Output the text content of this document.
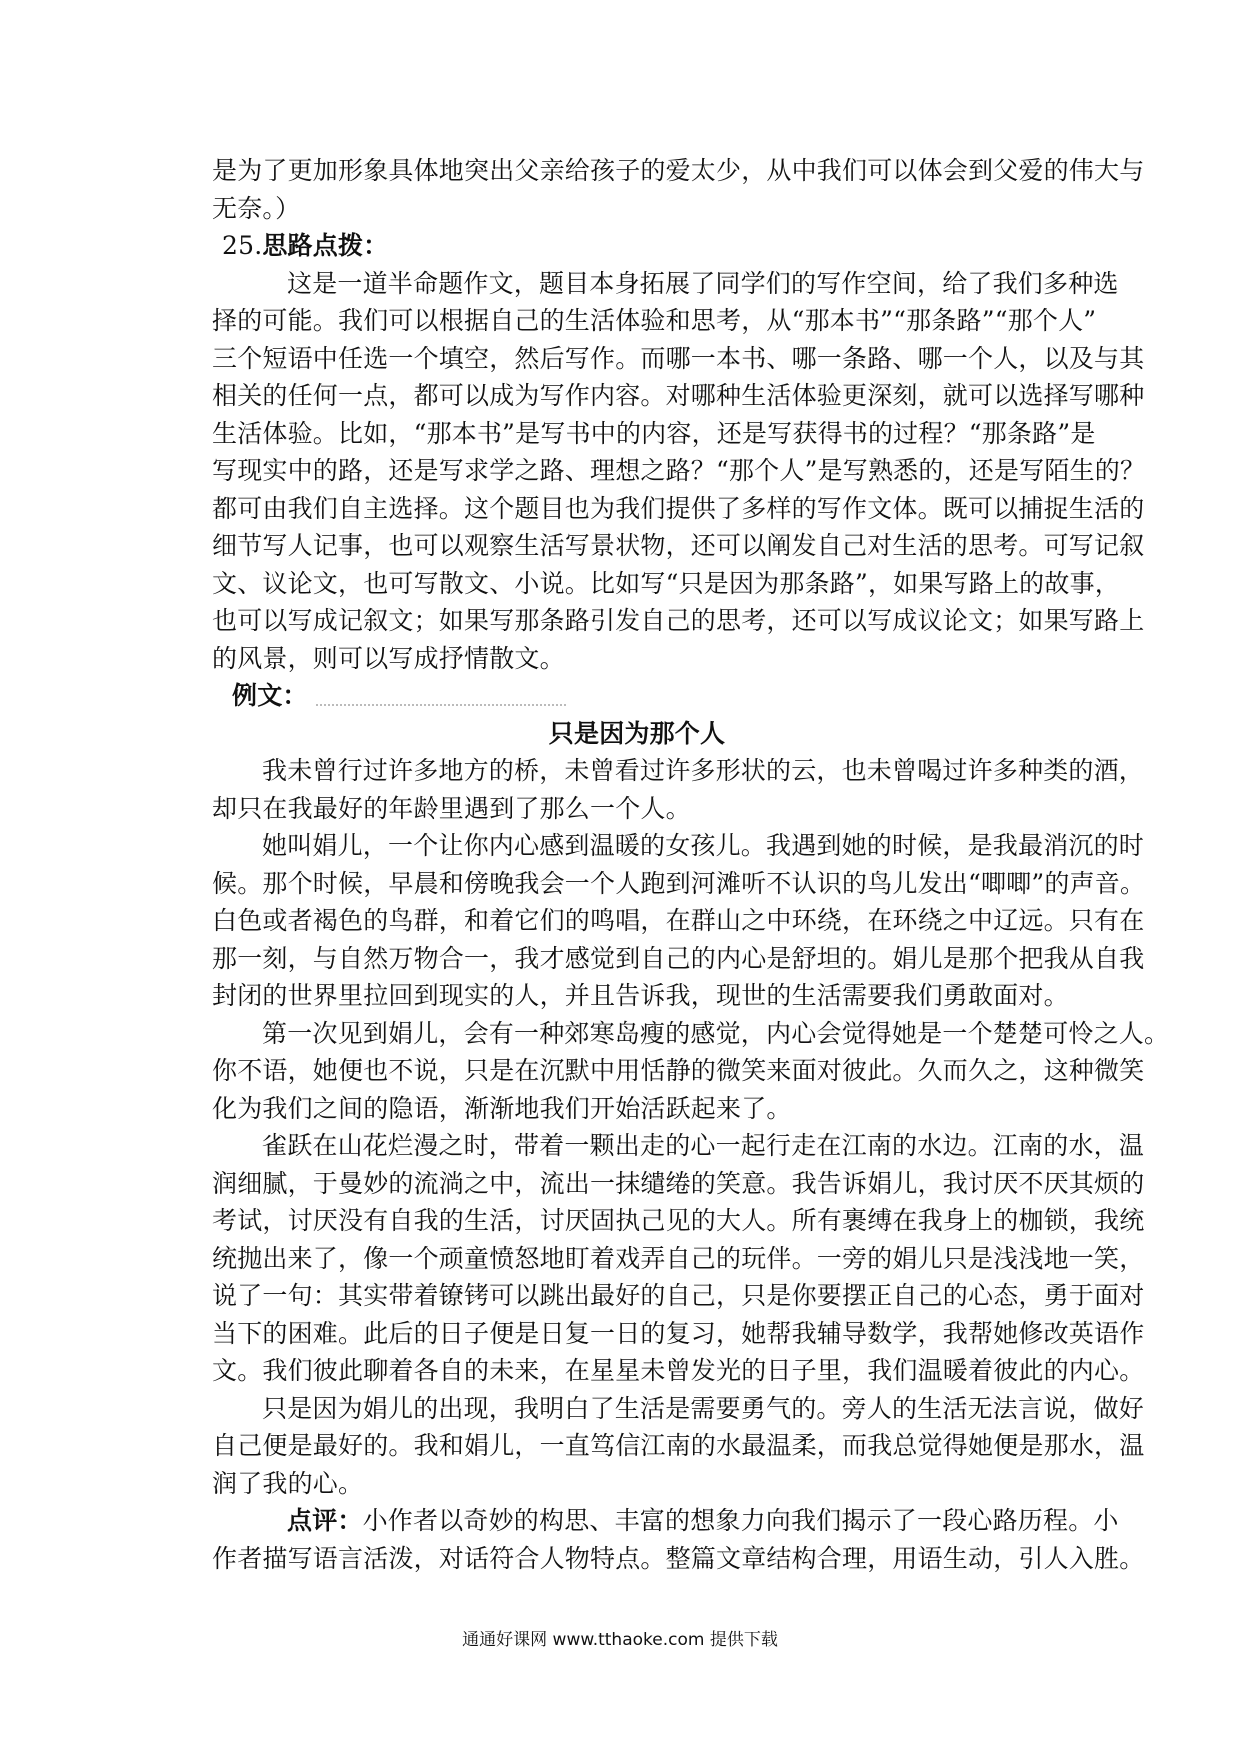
是为了更加形象具体地突出父亲给孩子的爱太少，从中我们可以体会到父爱的伟大与
无奈。）
25.思路点拨：
这是一道半命题作文，题目本身拓展了同学们的写作空间，给了我们多种选
择的可能。我们可以根据自己的生活体验和思考，从“那本书”“那条路”“那个人”
三个短语中任选一个填空，然后写作。而哪一本书、哪一条路、哪一个人，以及与其
相关的任何一点，都可以成为写作内容。对哪种生活体验更深刻，就可以选择写哪种
生活体验。比如，“那本书”是写书中的内容，还是写获得书的过程？“那条路”是
写现实中的路，还是写求学之路、理想之路？“那个人”是写熟悉的，还是写陌生的？
都可由我们自主选择。这个题目也为我们提供了多样的写作文体。既可以捕捉生活的
细节写人记事，也可以观察生活写景状物，还可以阐发自己对生活的思考。可写记叙
文、议论文，也可写散文、小说。比如写“只是因为那条路”，如果写路上的故事，
也可以写成记叙文；如果写那条路引发自己的思考，还可以写成议论文；如果写路上
的风景，则可以写成抒情散文。
例文：
只是因为那个人
我未曾行过许多地方的桥，未曾看过许多形状的云，也未曾喝过许多种类的酒，
却只在我最好的年龄里遇到了那么一个人。
她叫娟儿，一个让你内心感到温暖的女孩儿。我遇到她的时候，是我最消沉的时
候。那个时候，早晨和傍晚我会一个人跑到河滩听不认识的鸟儿发出“唧唧”的声音。
白色或者褐色的鸟群，和着它们的鸣唱，在群山之中环绕，在环绕之中辽远。只有在
那一刻，与自然万物合一，我才感觉到自己的内心是舒坦的。娟儿是那个把我从自我
封闭的世界里拉回到现实的人，并且告诉我，现世的生活需要我们勇敢面对。
第一次见到娟儿，会有一种郊寒岛瘦的感觉，内心会觉得她是一个楚楚可怜之人。
你不语，她便也不说，只是在沉默中用恬静的微笑来面对彼此。久而久之，这种微笑
化为我们之间的隐语，渐渐地我们开始活跃起来了。
雀跃在山花烂漫之时，带着一颗出走的心一起行走在江南的水边。江南的水，温
润细腻，于曼妙的流淌之中，流出一抹缱绻的笑意。我告诉娟儿，我讨厌不厌其烦的
考试，讨厌没有自我的生活，讨厌固执己见的大人。所有裹缚在我身上的枷锁，我统
统抛出来了，像一个顽童愤怒地盯着戏弄自己的玩伴。一旁的娟儿只是浅浅地一笑，
说了一句：其实带着镣铐可以跳出最好的自己，只是你要摆正自己的心态，勇于面对
当下的困难。此后的日子便是日复一日的复习，她帮我辅导数学，我帮她修改英语作
文。我们彼此聊着各自的未来，在星星未曾发光的日子里，我们温暖着彼此的内心。
只是因为娟儿的出现，我明白了生活是需要勇气的。旁人的生活无法言说，做好
自己便是最好的。我和娟儿，一直笃信江南的水最温柔，而我总觉得她便是那水，温
润了我的心。
点评：小作者以奇妙的构思、丰富的想象力向我们揭示了一段心路历程。小
作者描写语言活泼，对话符合人物特点。整篇文章结构合理，用语生动，引人入胜。
通通好课网 www.tthaoke.com 提供下载
